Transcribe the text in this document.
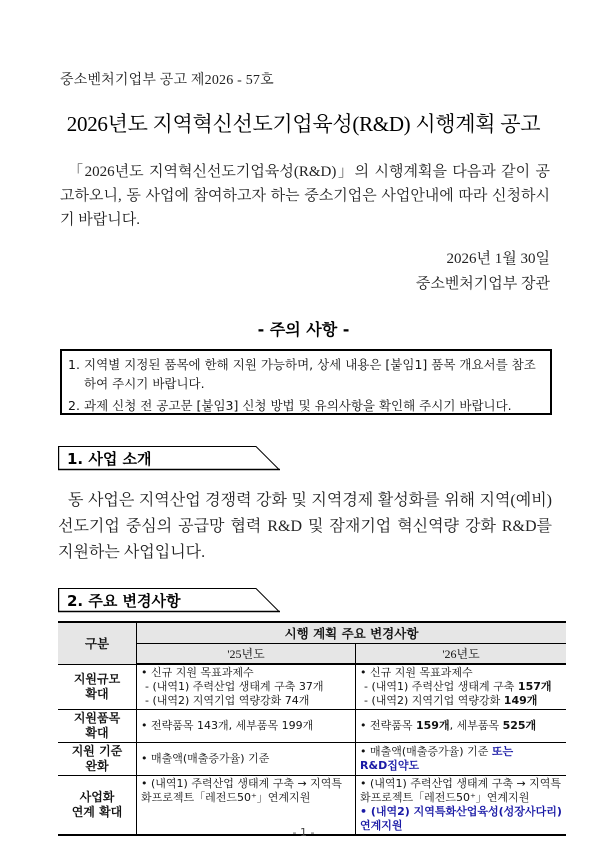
중소벤처기업부 공고 제2026 - 57호
2026년도 지역혁신선도기업육성(R&D) 시행계획 공고

「2026년도 지역혁신선도기업육성(R&D)」의 시행계획을 다음과 같이 공고하오니, 동 사업에 참여하고자 하는 중소기업은 사업안내에 따라 신청하시기 바랍니다.

2026년 1월 30일
중소벤처기업부 장관
- 주의 사항 -
1. 지역별 지정된 품목에 한해 지원 가능하며, 상세 내용은 [붙임1] 품목 개요서를 참조하여 주시기 바랍니다.
2. 과제 신청 전 공고문 [붙임3] 신청 방법 및 유의사항을 확인해 주시기 바랍니다.
1. 사업 소개

동 사업은 지역산업 경쟁력 강화 및 지역경제 활성화를 위해 지역(예비)선도기업 중심의 공급망 협력 R&D 및 잠재기업 혁신역량 강화 R&D를 지원하는 사업입니다.

2. 주요 변경사항
구분	시행 계획 주요 변경사항	
	'25년도	'26년도

지원규모
확대	• 신규 지원 목표과제수
- (내역1) 주력산업 생태계 구축 37개
- (내역2) 지역기업 역량강화 74개	• 신규 지원 목표과제수
- (내역1) 주력산업 생태계 구축 157개
- (내역2) 지역기업 역량강화 149개

지원품목
확대	• 전략품목 143개, 세부품목 199개	• 전략품목 159개, 세부품목 525개

지원 기준
완화	• 매출액(매출증가율) 기준	• 매출액(매출증가율) 기준 또는
R&D집약도

사업화
연계 확대	• (내역1) 주력산업 생태계 구축 → 지역특화프로젝트「레전드50⁺」연계지원	• (내역1) 주력산업 생태계 구축 → 지역특화프로젝트「레전드50⁺」연계지원
• (내역2) 지역특화산업육성(성장사다리) 연계지원
- 1 -
